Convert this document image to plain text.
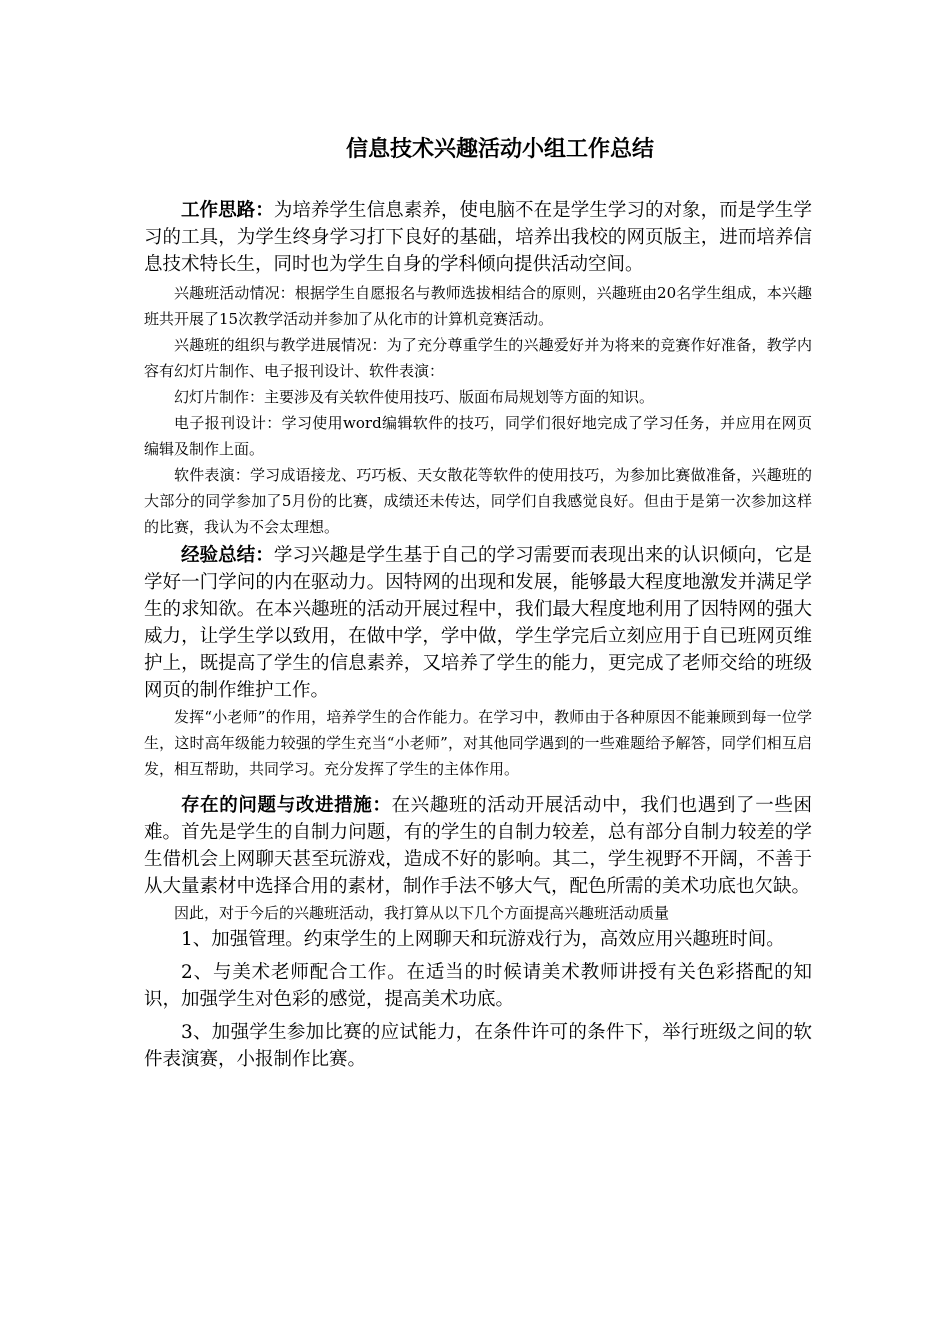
信息技术兴趣活动小组工作总结

工作思路：为培养学生信息素养，使电脑不在是学生学习的对象，而是学生学习的工具，为学生终身学习打下良好的基础，培养出我校的网页版主，进而培养信息技术特长生，同时也为学生自身的学科倾向提供活动空间。

兴趣班活动情况：根据学生自愿报名与教师选拔相结合的原则，兴趣班由20名学生组成，本兴趣班共开展了15次教学活动并参加了从化市的计算机竞赛活动。

兴趣班的组织与教学进展情况：为了充分尊重学生的兴趣爱好并为将来的竞赛作好准备，教学内容有幻灯片制作、电子报刊设计、软件表演：

幻灯片制作：主要涉及有关软件使用技巧、版面布局规划等方面的知识。

电子报刊设计：学习使用word编辑软件的技巧，同学们很好地完成了学习任务，并应用在网页编辑及制作上面。

软件表演：学习成语接龙、巧巧板、天女散花等软件的使用技巧，为参加比赛做准备，兴趣班的大部分的同学参加了5月份的比赛，成绩还未传达，同学们自我感觉良好。但由于是第一次参加这样的比赛，我认为不会太理想。

经验总结：学习兴趣是学生基于自己的学习需要而表现出来的认识倾向，它是学好一门学问的内在驱动力。因特网的出现和发展，能够最大程度地激发并满足学生的求知欲。在本兴趣班的活动开展过程中，我们最大程度地利用了因特网的强大威力，让学生学以致用，在做中学，学中做，学生学完后立刻应用于自已班网页维护上，既提高了学生的信息素养，又培养了学生的能力，更完成了老师交给的班级网页的制作维护工作。

发挥“小老师”的作用，培养学生的合作能力。在学习中，教师由于各种原因不能兼顾到每一位学生，这时高年级能力较强的学生充当“小老师”，对其他同学遇到的一些难题给予解答，同学们相互启发，相互帮助，共同学习。充分发挥了学生的主体作用。

存在的问题与改进措施：在兴趣班的活动开展活动中，我们也遇到了一些困难。首先是学生的自制力问题，有的学生的自制力较差，总有部分自制力较差的学生借机会上网聊天甚至玩游戏，造成不好的影响。其二，学生视野不开阔，不善于从大量素材中选择合用的素材，制作手法不够大气，配色所需的美术功底也欠缺。

因此，对于今后的兴趣班活动，我打算从以下几个方面提高兴趣班活动质量

1、加强管理。约束学生的上网聊天和玩游戏行为，高效应用兴趣班时间。

2、与美术老师配合工作。在适当的时候请美术教师讲授有关色彩搭配的知识，加强学生对色彩的感觉，提高美术功底。

3、加强学生参加比赛的应试能力，在条件许可的条件下，举行班级之间的软件表演赛，小报制作比赛。
